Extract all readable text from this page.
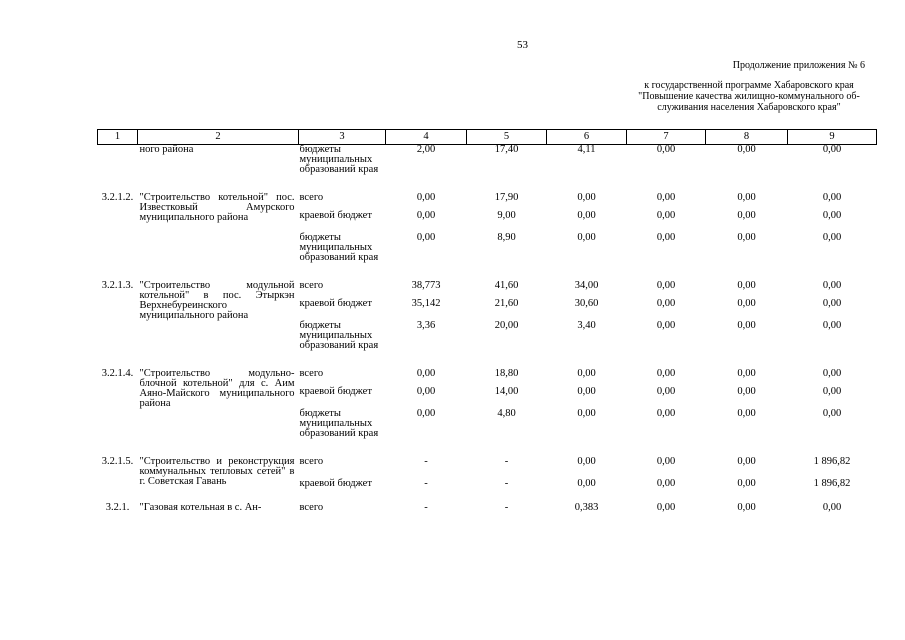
53
Продолжение приложения № 6
к государственной программе Хабаровского края
"Повышение качества жилищно-коммунального об-
служивания населения Хабаровского края"
1	2	3	4	5	6	7	8	9
	ного района	бюджеты муниципальных образований края	2,00	17,40	4,11	0,00	0,00	0,00
3.2.1.2.	"Строительство котельной" пос. Известковый Амурского муниципального района	всего	0,00	17,90	0,00	0,00	0,00	0,00
		краевой бюджет	0,00	9,00	0,00	0,00	0,00	0,00
		бюджеты муниципальных образований края	0,00	8,90	0,00	0,00	0,00	0,00
3.2.1.3.	"Строительство модульной котельной" в пос. Этыркэн Верхнебуреинского муниципального района	всего	38,773	41,60	34,00	0,00	0,00	0,00
		краевой бюджет	35,142	21,60	30,60	0,00	0,00	0,00
		бюджеты муниципальных образований края	3,36	20,00	3,40	0,00	0,00	0,00
3.2.1.4.	"Строительство модульно-блочной котельной" для с. Аим Аяно-Майского муниципального района	всего	0,00	18,80	0,00	0,00	0,00	0,00
		краевой бюджет	0,00	14,00	0,00	0,00	0,00	0,00
		бюджеты муниципальных образований края	0,00	4,80	0,00	0,00	0,00	0,00
3.2.1.5.	"Строительство и реконструкция коммунальных тепловых сетей" в г. Советская Гавань	всего	-	-	0,00	0,00	0,00	1 896,82
		краевой бюджет	-	-	0,00	0,00	0,00	1 896,82
3.2.1.	"Газовая котельная в с. Ан-	всего	-	-	0,383	0,00	0,00	0,00
